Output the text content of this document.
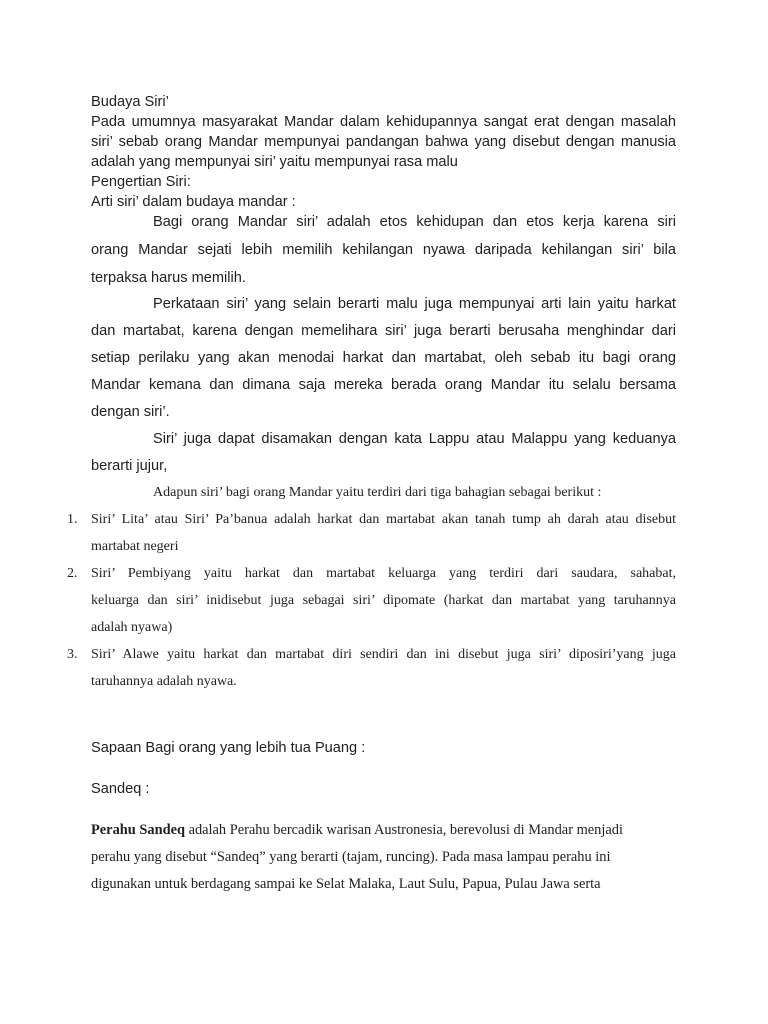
Budaya Siri’
Pada umumnya masyarakat Mandar dalam kehidupannya sangat erat dengan masalah
siri’ sebab orang Mandar mempunyai pandangan bahwa yang disebut dengan manusia
adalah yang mempunyai siri’ yaitu mempunyai rasa malu
Pengertian Siri:
Arti siri’ dalam budaya mandar :
Bagi orang Mandar siri’ adalah etos kehidupan dan etos kerja karena siri
orang Mandar sejati lebih memilih kehilangan nyawa daripada kehilangan siri’ bila
terpaksa harus memilih.
Perkataan siri’ yang selain berarti malu juga mempunyai arti lain yaitu harkat
dan martabat, karena dengan memelihara siri’ juga berarti berusaha menghindar dari
setiap perilaku yang akan menodai harkat dan martabat, oleh sebab itu bagi orang
Mandar kemana dan dimana saja mereka berada orang Mandar itu selalu bersama
dengan siri’.
Siri’ juga dapat disamakan dengan kata Lappu atau Malappu yang keduanya
berarti jujur,
Adapun siri’ bagi orang Mandar yaitu terdiri dari tiga bahagian sebagai berikut :
1. Siri’ Lita’ atau Siri’ Pa’banua adalah harkat dan martabat akan tanah tump ah darah atau disebut
martabat negeri
2. Siri’ Pembiyang yaitu harkat dan martabat keluarga yang terdiri dari saudara, sahabat,
keluarga dan siri’ inidisebut juga sebagai siri’ dipomate (harkat dan martabat yang taruhannya
adalah nyawa)
3. Siri’ Alawe yaitu harkat dan martabat diri sendiri dan ini disebut juga siri’ diposiri’yang juga
taruhannya adalah nyawa.
Sapaan Bagi orang yang lebih tua Puang :
Sandeq :
Perahu Sandeq adalah Perahu bercadik warisan Austronesia, berevolusi di Mandar menjadi
perahu yang disebut “Sandeq” yang berarti (tajam, runcing). Pada masa lampau perahu ini
digunakan untuk berdagang sampai ke Selat Malaka, Laut Sulu, Papua, Pulau Jawa serta
